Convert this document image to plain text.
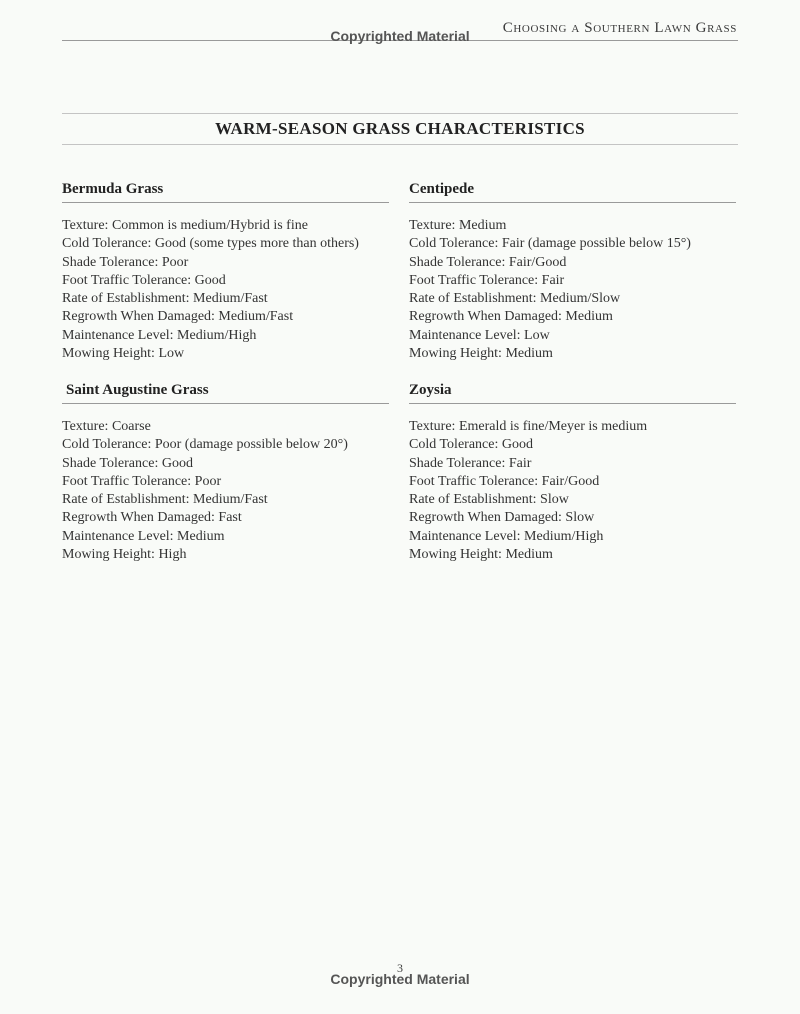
Choosing a Southern Lawn Grass
Copyrighted Material
WARM-SEASON GRASS CHARACTERISTICS
Bermuda Grass
Texture: Common is medium/Hybrid is fine
Cold Tolerance: Good (some types more than others)
Shade Tolerance: Poor
Foot Traffic Tolerance: Good
Rate of Establishment: Medium/Fast
Regrowth When Damaged: Medium/Fast
Maintenance Level: Medium/High
Mowing Height: Low
Centipede
Texture: Medium
Cold Tolerance: Fair (damage possible below 15°)
Shade Tolerance: Fair/Good
Foot Traffic Tolerance: Fair
Rate of Establishment: Medium/Slow
Regrowth When Damaged: Medium
Maintenance Level: Low
Mowing Height: Medium
Saint Augustine Grass
Texture: Coarse
Cold Tolerance: Poor (damage possible below 20°)
Shade Tolerance: Good
Foot Traffic Tolerance: Poor
Rate of Establishment: Medium/Fast
Regrowth When Damaged: Fast
Maintenance Level: Medium
Mowing Height: High
Zoysia
Texture: Emerald is fine/Meyer is medium
Cold Tolerance: Good
Shade Tolerance: Fair
Foot Traffic Tolerance: Fair/Good
Rate of Establishment: Slow
Regrowth When Damaged: Slow
Maintenance Level: Medium/High
Mowing Height: Medium
3
Copyrighted Material
